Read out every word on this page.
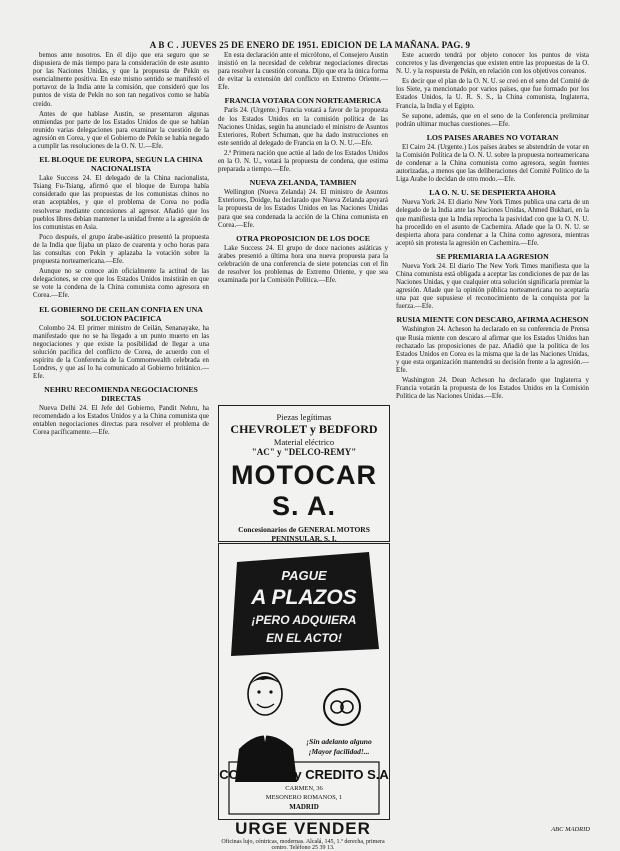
A B C . JUEVES 25 DE ENERO DE 1951. EDICION DE LA MAÑANA. PAG. 9

bemos ante nosotros. En él dijo que era seguro que se dispusiera de más tiempo para la consideración de este asunto por las Naciones Unidas, y que la propuesta de Pekín es esencialmente positiva. En este mismo sentido se manifestó el portavoz de la India ante la comisión, que consideró que los puntos de vista de Pekín no son tan negativos como se había creído.

Antes de que hablase Austin, se presentaron algunas enmiendas por parte de los Estados Unidos de que se habían reunido varias delegaciones para examinar la cuestión de la agresión en Corea, y que el Gobierno de Pekín se había negado a cumplir las resoluciones de la O. N. U.—Efe.

EL BLOQUE DE EUROPA, SEGUN LA CHINA NACIONALISTA

Lake Success 24. El delegado de la China nacionalista, Tsiang Fu-Tsiang, afirmó que el bloque de Europa había considerado que las propuestas de los comunistas chinos no eran aceptables, y que el problema de Corea no podía resolverse mediante concesiones al agresor. Añadió que los pueblos libres debían mantener la unidad frente a la agresión de los comunistas en Asia.

Poco después, el grupo árabe-asiático presentó la propuesta de la India que fijaba un plazo de cuarenta y ocho horas para las consultas con Pekín y aplazaba la votación sobre la propuesta norteamericana.—Efe.

Aunque no se conoce aún oficialmente la actitud de las delegaciones, se cree que los Estados Unidos insistirán en que se vote la condena de la China comunista como agresora en Corea.—Efe.

EL GOBIERNO DE CEILAN CONFIA EN UNA SOLUCION PACIFICA

Colombo 24. El primer ministro de Ceilán, Senanayake, ha manifestado que no se ha llegado a un punto muerto en las negociaciones y que existe la posibilidad de llegar a una solución pacífica del conflicto de Corea, de acuerdo con el espíritu de la Conferencia de la Commonwealth celebrada en Londres, y que así lo ha comunicado al Gobierno británico.—Efe.

NEHRU RECOMIENDA NEGOCIACIONES DIRECTAS

Nueva Delhi 24. El Jefe del Gobierno, Pandit Nehru, ha recomendado a los Estados Unidos y a la China comunista que entablen negociaciones directas para resolver el problema de Corea pacíficamente.—Efe.

En esta declaración ante el micrófono, el Consejero Austin insistió en la necesidad de celebrar negociaciones directas para resolver la cuestión coreana. Dijo que era la única forma de evitar la extensión del conflicto en Extremo Oriente.—Efe.

FRANCIA VOTARA CON NORTEAMERICA

París 24. (Urgente.) Francia votará a favor de la propuesta de los Estados Unidos en la comisión política de las Naciones Unidas, según ha anunciado el ministro de Asuntos Exteriores, Robert Schuman, que ha dado instrucciones en este sentido al delegado de Francia en la O. N. U.—Efe.

2.ª Primera nación que actúe al lado de los Estados Unidos en la O. N. U., votará la propuesta de condena, que estima preparada a tiempo.—Efe.

NUEVA ZELANDA, TAMBIEN

Wellington (Nueva Zelanda) 24. El ministro de Asuntos Exteriores, Doidge, ha declarado que Nueva Zelanda apoyará la propuesta de los Estados Unidos en las Naciones Unidas para que sea condenada la acción de la China comunista en Corea.—Efe.

OTRA PROPOSICION DE LOS DOCE

Lake Success 24. El grupo de doce naciones asiáticas y árabes presentó a última hora una nueva propuesta para la celebración de una conferencia de siete potencias con el fin de resolver los problemas de Extremo Oriente, y que sea examinada por la Comisión Política.—Efe.

Piezas legítimas
CHEVROLET y BEDFORD
Material eléctrico
"AC" y "DELCO-REMY"
MOTOCAR S. A.
Concesionarios de GENERAL MOTORS PENINSULAR, S. I.
PAGUE
A PLAZOS
¡PERO ADQUIERA
EN EL ACTO!
¡Sin adelanto alguno
¡Mayor facilidad!...
COMERCIO y CREDITO S.A
CARMEN, 36
MESONERO ROMANOS, 1
MADRID
URGE VENDER
Oficinas lujo, céntricas, modernas. Alcalá, 145, 1.º derecha, primera centro. Teléfono 25 39 13.

Este acuerdo tendrá por objeto conocer los puntos de vista concretos y las divergencias que existen entre las propuestas de la O. N. U. y la respuesta de Pekín, en relación con los objetivos coreanos.

Es decir que el plan de la O. N. U. se creó en el seno del Comité de los Siete, ya mencionado por varios países, que fue formado por los Estados Unidos, la U. R. S. S., la China comunista, Inglaterra, Francia, la India y el Egipto.

Se supone, además, que en el seno de la Conferencia preliminar podrán ultimar muchas cuestiones.—Efe.

LOS PAISES ARABES NO VOTARAN

El Cairo 24. (Urgente.) Los países árabes se abstendrán de votar en la Comisión Política de la O. N. U. sobre la propuesta norteamericana de condenar a la China comunista como agresora, según fuentes autorizadas, a menos que las deliberaciones del Comité Político de la Liga Arabe lo decidan de otro modo.—Efe.

LA O. N. U. SE DESPIERTA AHORA

Nueva York 24. El diario New York Times publica una carta de un delegado de la India ante las Naciones Unidas, Ahmed Bukhari, en la que manifiesta que la India reprocha la pasividad con que la O. N. U. ha procedido en el asunto de Cachemira. Añade que la O. N. U. se despierta ahora para condenar a la China como agresora, mientras aceptó sin protesta la agresión en Cachemira.—Efe.

SE PREMIARIA LA AGRESION

Nueva York 24. El diario The New York Times manifiesta que la China comunista está obligada a aceptar las condiciones de paz de las Naciones Unidas, y que cualquier otra solución significaría premiar la agresión. Añade que la opinión pública norteamericana no aceptaría una paz que supusiese el reconocimiento de la conquista por la fuerza.—Efe.

RUSIA MIENTE CON DESCARO, AFIRMA ACHESON

Washington 24. Acheson ha declarado en su conferencia de Prensa que Rusia miente con descaro al afirmar que los Estados Unidos han rechazado las proposiciones de paz. Añadió que la política de los Estados Unidos en Corea es la misma que la de las Naciones Unidas, y que esta organización mantendrá su decisión frente a la agresión.—Efe.

Washington 24. Dean Acheson ha declarado que Inglaterra y Francia votarán la propuesta de los Estados Unidos en la Comisión Política de las Naciones Unidas.—Efe.

ABC MADRID
